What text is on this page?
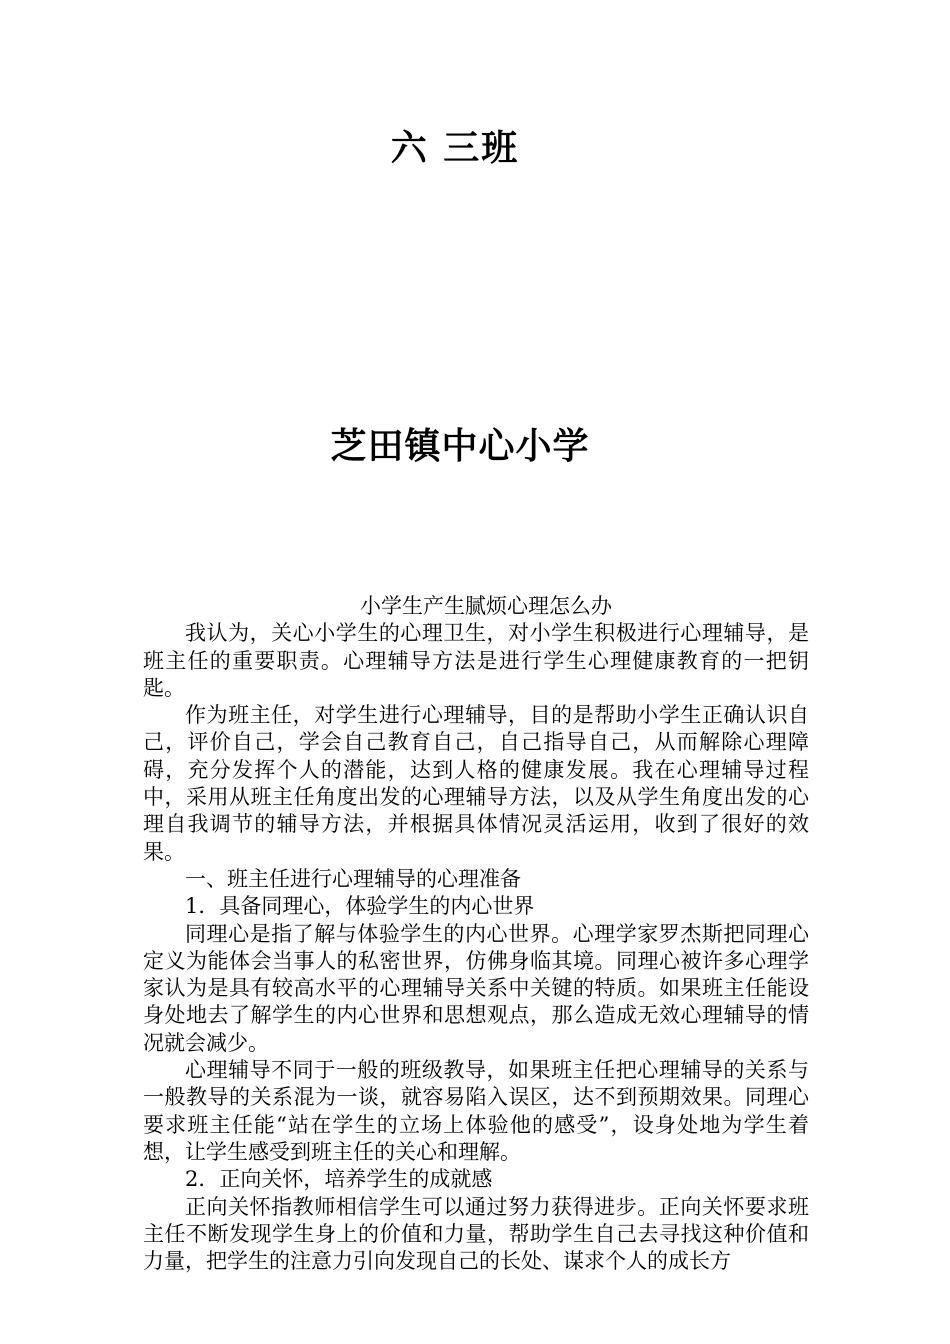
六 三班
芝田镇中心小学
小学生产生腻烦心理怎么办

我认为，关心小学生的心理卫生，对小学生积极进行心理辅导，是班主任的重要职责。心理辅导方法是进行学生心理健康教育的一把钥匙。

作为班主任，对学生进行心理辅导，目的是帮助小学生正确认识自己，评价自己，学会自己教育自己，自己指导自己，从而解除心理障碍，充分发挥个人的潜能，达到人格的健康发展。我在心理辅导过程中，采用从班主任角度出发的心理辅导方法，以及从学生角度出发的心理自我调节的辅导方法，并根据具体情况灵活运用，收到了很好的效果。

一、班主任进行心理辅导的心理准备

1．具备同理心，体验学生的内心世界

同理心是指了解与体验学生的内心世界。心理学家罗杰斯把同理心定义为能体会当事人的私密世界，仿佛身临其境。同理心被许多心理学家认为是具有较高水平的心理辅导关系中关键的特质。如果班主任能设身处地去了解学生的内心世界和思想观点，那么造成无效心理辅导的情况就会减少。

心理辅导不同于一般的班级教导，如果班主任把心理辅导的关系与一般教导的关系混为一谈，就容易陷入误区，达不到预期效果。同理心要求班主任能“站在学生的立场上体验他的感受”，设身处地为学生着想，让学生感受到班主任的关心和理解。

2．正向关怀，培养学生的成就感

正向关怀指教师相信学生可以通过努力获得进步。正向关怀要求班主任不断发现学生身上的价值和力量，帮助学生自己去寻找这种价值和力量，把学生的注意力引向发现自己的长处、谋求个人的成长方
